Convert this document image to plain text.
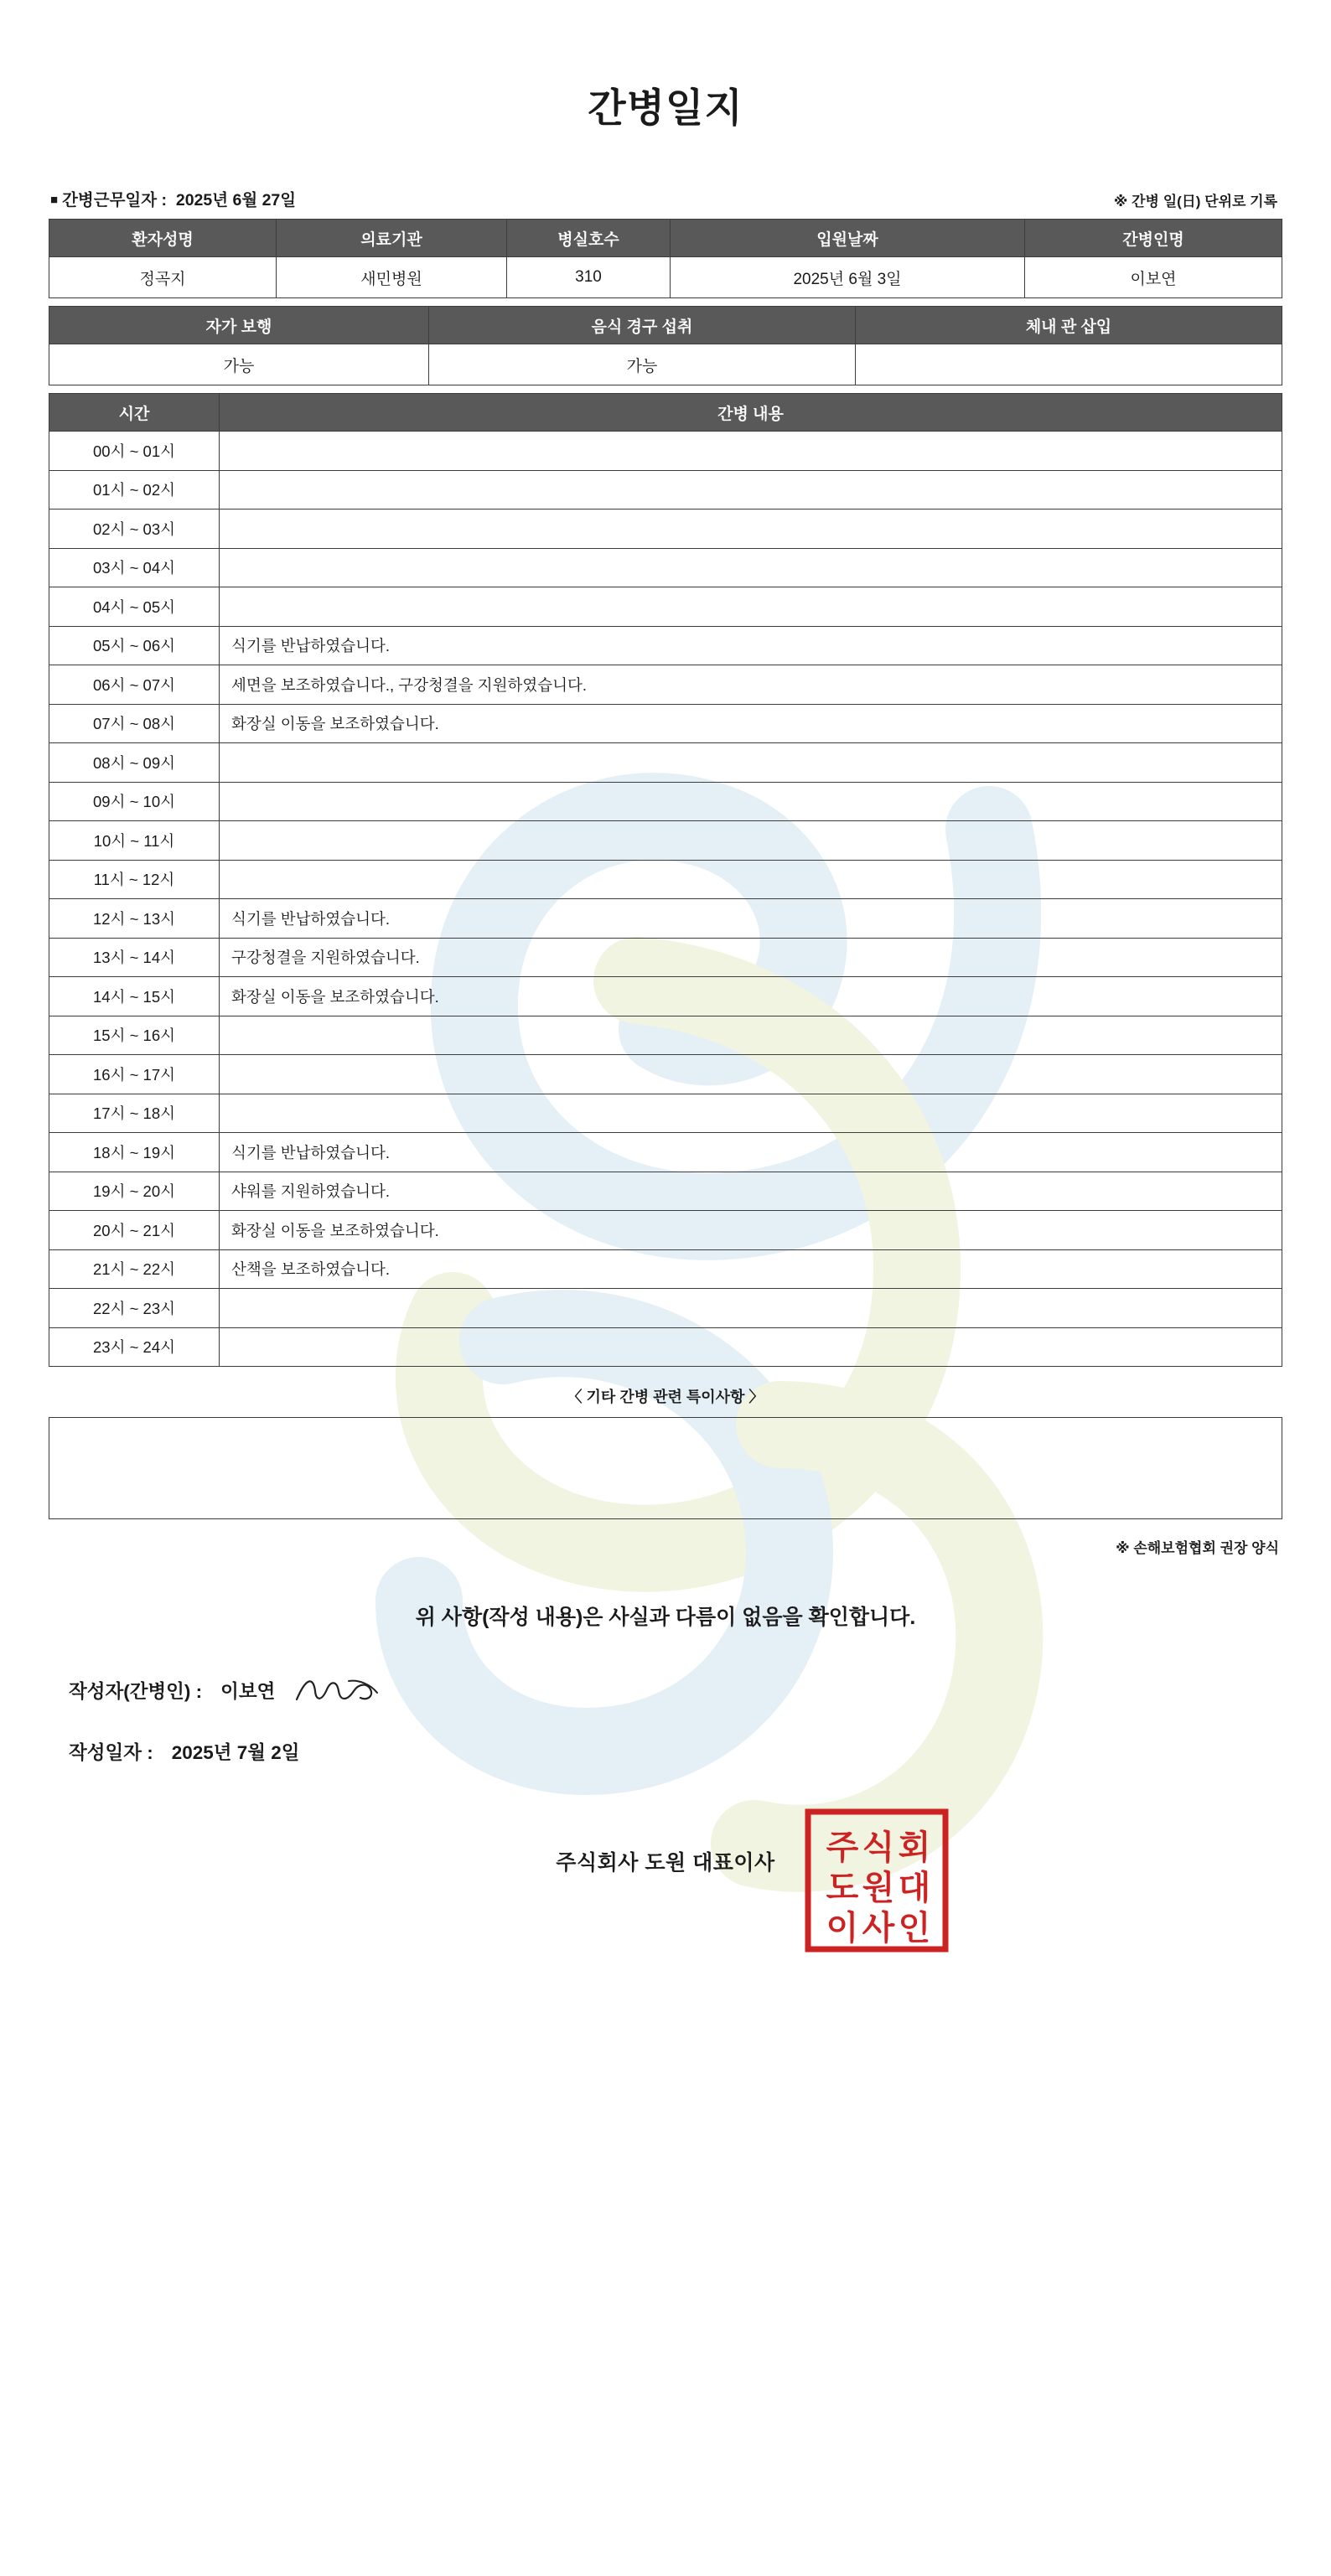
간병일지
■ 간병근무일자 : 2025년 6월 27일	※ 간병 일(日) 단위로 기록
환자성명	의료기관	병실호수	입원날짜	간병인명
정곡지	새민병원	310	2025년 6월 3일	이보연
자가 보행	음식 경구 섭취	체내 관 삽입
가능	가능	
시간	간병 내용
00시 ~ 01시	
01시 ~ 02시	
02시 ~ 03시	
03시 ~ 04시	
04시 ~ 05시	
05시 ~ 06시	식기를 반납하였습니다.
06시 ~ 07시	세면을 보조하였습니다., 구강청결을 지원하였습니다.
07시 ~ 08시	화장실 이동을 보조하였습니다.
08시 ~ 09시	
09시 ~ 10시	
10시 ~ 11시	
11시 ~ 12시	
12시 ~ 13시	식기를 반납하였습니다.
13시 ~ 14시	구강청결을 지원하였습니다.
14시 ~ 15시	화장실 이동을 보조하였습니다.
15시 ~ 16시	
16시 ~ 17시	
17시 ~ 18시	
18시 ~ 19시	식기를 반납하였습니다.
19시 ~ 20시	샤워를 지원하였습니다.
20시 ~ 21시	화장실 이동을 보조하였습니다.
21시 ~ 22시	산책을 보조하였습니다.
22시 ~ 23시	
23시 ~ 24시	
〈 기타 간병 관련 특이사항 〉
※ 손해보험협회 권장 양식
위 사항(작성 내용)은 사실과 다름이 없음을 확인합니다.
작성자(간병인) : 이보연
작성일자 : 2025년 7월 2일
주식회사 도원 대표이사 주 식 회
도 원 대
이 사 인
